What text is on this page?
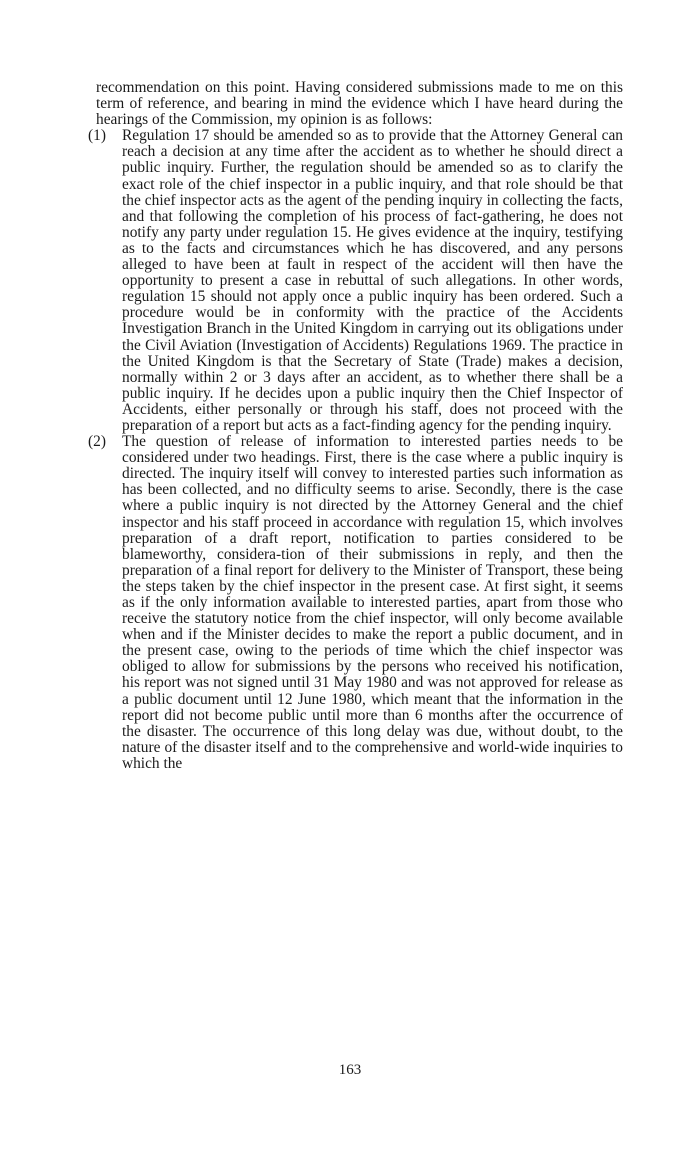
recommendation on this point. Having considered submissions made to me on this term of reference, and bearing in mind the evidence which I have heard during the hearings of the Commission, my opinion is as follows:

(1) Regulation 17 should be amended so as to provide that the Attorney General can reach a decision at any time after the accident as to whether he should direct a public inquiry. Further, the regulation should be amended so as to clarify the exact role of the chief inspector in a public inquiry, and that role should be that the chief inspector acts as the agent of the pending inquiry in collecting the facts, and that following the completion of his process of fact-gathering, he does not notify any party under regulation 15. He gives evidence at the inquiry, testifying as to the facts and circumstances which he has discovered, and any persons alleged to have been at fault in respect of the accident will then have the opportunity to present a case in rebuttal of such allegations. In other words, regulation 15 should not apply once a public inquiry has been ordered. Such a procedure would be in conformity with the practice of the Accidents Investigation Branch in the United Kingdom in carrying out its obligations under the Civil Aviation (Investigation of Accidents) Regulations 1969. The practice in the United Kingdom is that the Secretary of State (Trade) makes a decision, normally within 2 or 3 days after an accident, as to whether there shall be a public inquiry. If he decides upon a public inquiry then the Chief Inspector of Accidents, either personally or through his staff, does not proceed with the preparation of a report but acts as a fact-finding agency for the pending inquiry.

(2) The question of release of information to interested parties needs to be considered under two headings. First, there is the case where a public inquiry is directed. The inquiry itself will convey to interested parties such information as has been collected, and no difficulty seems to arise. Secondly, there is the case where a public inquiry is not directed by the Attorney General and the chief inspector and his staff proceed in accordance with regulation 15, which involves preparation of a draft report, notification to parties considered to be blameworthy, considera-tion of their submissions in reply, and then the preparation of a final report for delivery to the Minister of Transport, these being the steps taken by the chief inspector in the present case. At first sight, it seems as if the only information available to interested parties, apart from those who receive the statutory notice from the chief inspector, will only become available when and if the Minister decides to make the report a public document, and in the present case, owing to the periods of time which the chief inspector was obliged to allow for submissions by the persons who received his notification, his report was not signed until 31 May 1980 and was not approved for release as a public document until 12 June 1980, which meant that the information in the report did not become public until more than 6 months after the occurrence of the disaster. The occurrence of this long delay was due, without doubt, to the nature of the disaster itself and to the comprehensive and world-wide inquiries to which the

163
